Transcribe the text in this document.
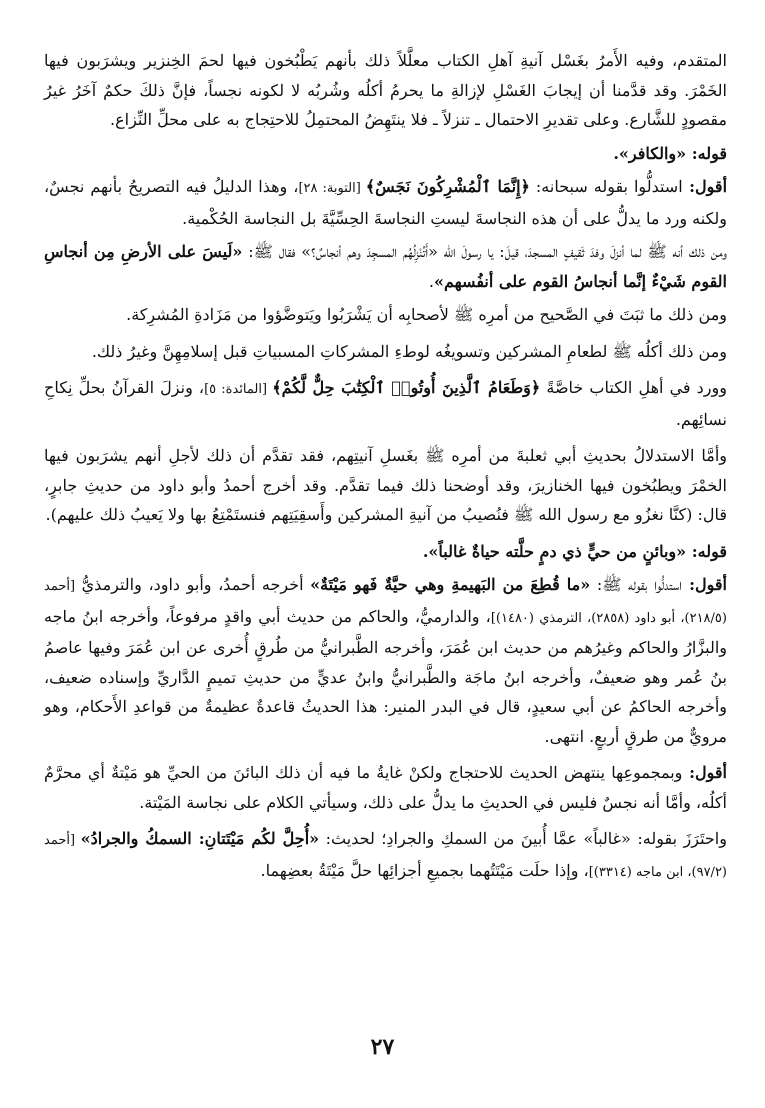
المتقدم، وفيه الأَمرُ بغَسْل آنيةِ آهلِ الكتاب معلَّلاً ذلك بأنهم يَطْبُخون فيها لحمَ الخِنزير ويشرَبون فيها الخَمْرَ. وقد قدَّمنا أن إيجابَ الغَسْلِ لإزالةِ ما يحرمُ أكلُه وشُربُه لا لكونه نجساً، فإنَّ ذلكَ حكمٌ آخَرُ غيرُ مقصودٍ للشَّارع. وعلى تقديرِ الاحتمال ـ تنزلاً ـ فلا ينتَهِضُ المحتمِلُ للاحتِجاج به على محلِّ النِّزاع.

قوله: «والكافر».

أقول: استدلُّوا بقوله سبحانه: ﴿إِنَّمَا ٱلْمُشْرِكُونَ نَجَسٌ﴾ [التوبة: ٢٨]، وهذا الدليلُ فيه التصريحُ بأنهم نجسٌ، ولكنه ورد ما يدلُّ على أن هذه النجاسةَ ليستِ النجاسةَ الحِسِّيَّةَ بل النجاسة الحُكْمية.

ومن ذلك أنه ﷺ لما أنزلَ وفدَ ثَقيفٍ المسجدَ، قيلَ: يا رسولَ الله «أَتُنْزِلُهُم المسجِدَ وهم أنجاسٌ؟» فقال ﷺ: «لَيسَ على الأرضِ مِن أنجاسِ القوم شَيْءٌ إنَّما أنجاسُ القوم على أنفُسهم».

ومن ذلك ما ثبَتَ في الصَّحيح من أمرِه ﷺ لأصحابِه أن يَشْرَبُوا ويَتوضَّؤوا من مَزَادةِ المُشرِكة.

ومن ذلك أكلُه ﷺ لطعامِ المشركين وتسويغُه لوطءِ المشركاتِ المسبياتِ قبل إسلامِهِنَّ وغيرُ ذلك.

وورد في أهلِ الكتاب خاصَّةً ﴿وَطَعَامُ ٱلَّذِينَ أُوتُوا۟ ٱلْكِتَٰبَ حِلٌّ لَّكُمْ﴾ [المائدة: ٥]، ونزلَ القرآنُ بحلِّ نِكاحِ نسائِهم.

وأمَّا الاستدلالُ بحديثِ أبي ثعلبةَ من أمرِه ﷺ بغَسلِ آنيتِهم، فقد تقدَّم أن ذلك لأجلِ أنهم يشرَبون فيها الخمْرَ ويطبُخون فيها الخنازيرَ، وقد أوضحنا ذلك فيما تقدَّم. وقد أخرج أحمدُ وأبو داود من حديثِ جابرٍ، قال: (كنَّا نغزُو مع رسول الله ﷺ فنُصيبُ من آنيةِ المشركين وأَسقِيَتِهم فنستَمْتِعُ بها ولا يَعيبُ ذلك عليهم).

قوله: «وبائنٍ من حيٍّ ذي دمٍ حلَّته حياةٌ غالباً».

أقول: استدلُّوا بقوله ﷺ: «ما قُطِعَ من البَهيمةِ وهي حيَّةٌ فَهو مَيْتَةٌ» أخرجه أحمدُ، وأبو داود، والترمذيُّ [أحمد (٢١٨/٥)، أبو داود (٢٨٥٨)، الترمذي (١٤٨٠)]، والدارميُّ، والحاكم من حديث أبي واقدٍ مرفوعاً، وأخرجه ابنُ ماجه والبزَّارُ والحاكم وغيرُهم من حديث ابن عُمَرَ، وأخرجه الطَّبرانيُّ من طُرقٍ أُخرى عن ابن عُمَرَ وفيها عاصمُ بنُ عُمر وهو ضعيفٌ، وأخرجه ابنُ ماجَة والطَّبرانيُّ وابنُ عديٍّ من حديثِ تميمٍ الدَّاريِّ وإسناده ضعيف، وأخرجه الحاكمُ عن أبي سعيدٍ، قال في البدر المنير: هذا الحديثُ قاعدةٌ عظيمةٌ من قواعدِ الأَحكام، وهو مرويٌّ من طرقٍ أربعٍ. انتهى.

أقول: وبمجموعِها ينتهض الحديث للاحتجاج ولكنْ غايةُ ما فيه أن ذلك البائنَ من الحيِّ هو مَيْتةٌ أي محرَّمٌ أكلُه، وأمَّا أنه نجسٌ فليس في الحديثِ ما يدلُّ على ذلك، وسيأتي الكلام على نجاسة المَيْتة.

واحتَرَزَ بقوله: «غالباً» عمَّا أُبينَ من السمكِ والجرادِ؛ لحديث: «أُحِلَّ لكُم مَيْتَتانِ: السمكُ والجرادُ» [أحمد (٩٧/٢)، ابن ماجه (٣٣١٤)]، وإذا حلَت مَيْتَتُهما بجميعِ أجزائِها حلَّ مَيْتَةُ بعضِهما.

٢٧
